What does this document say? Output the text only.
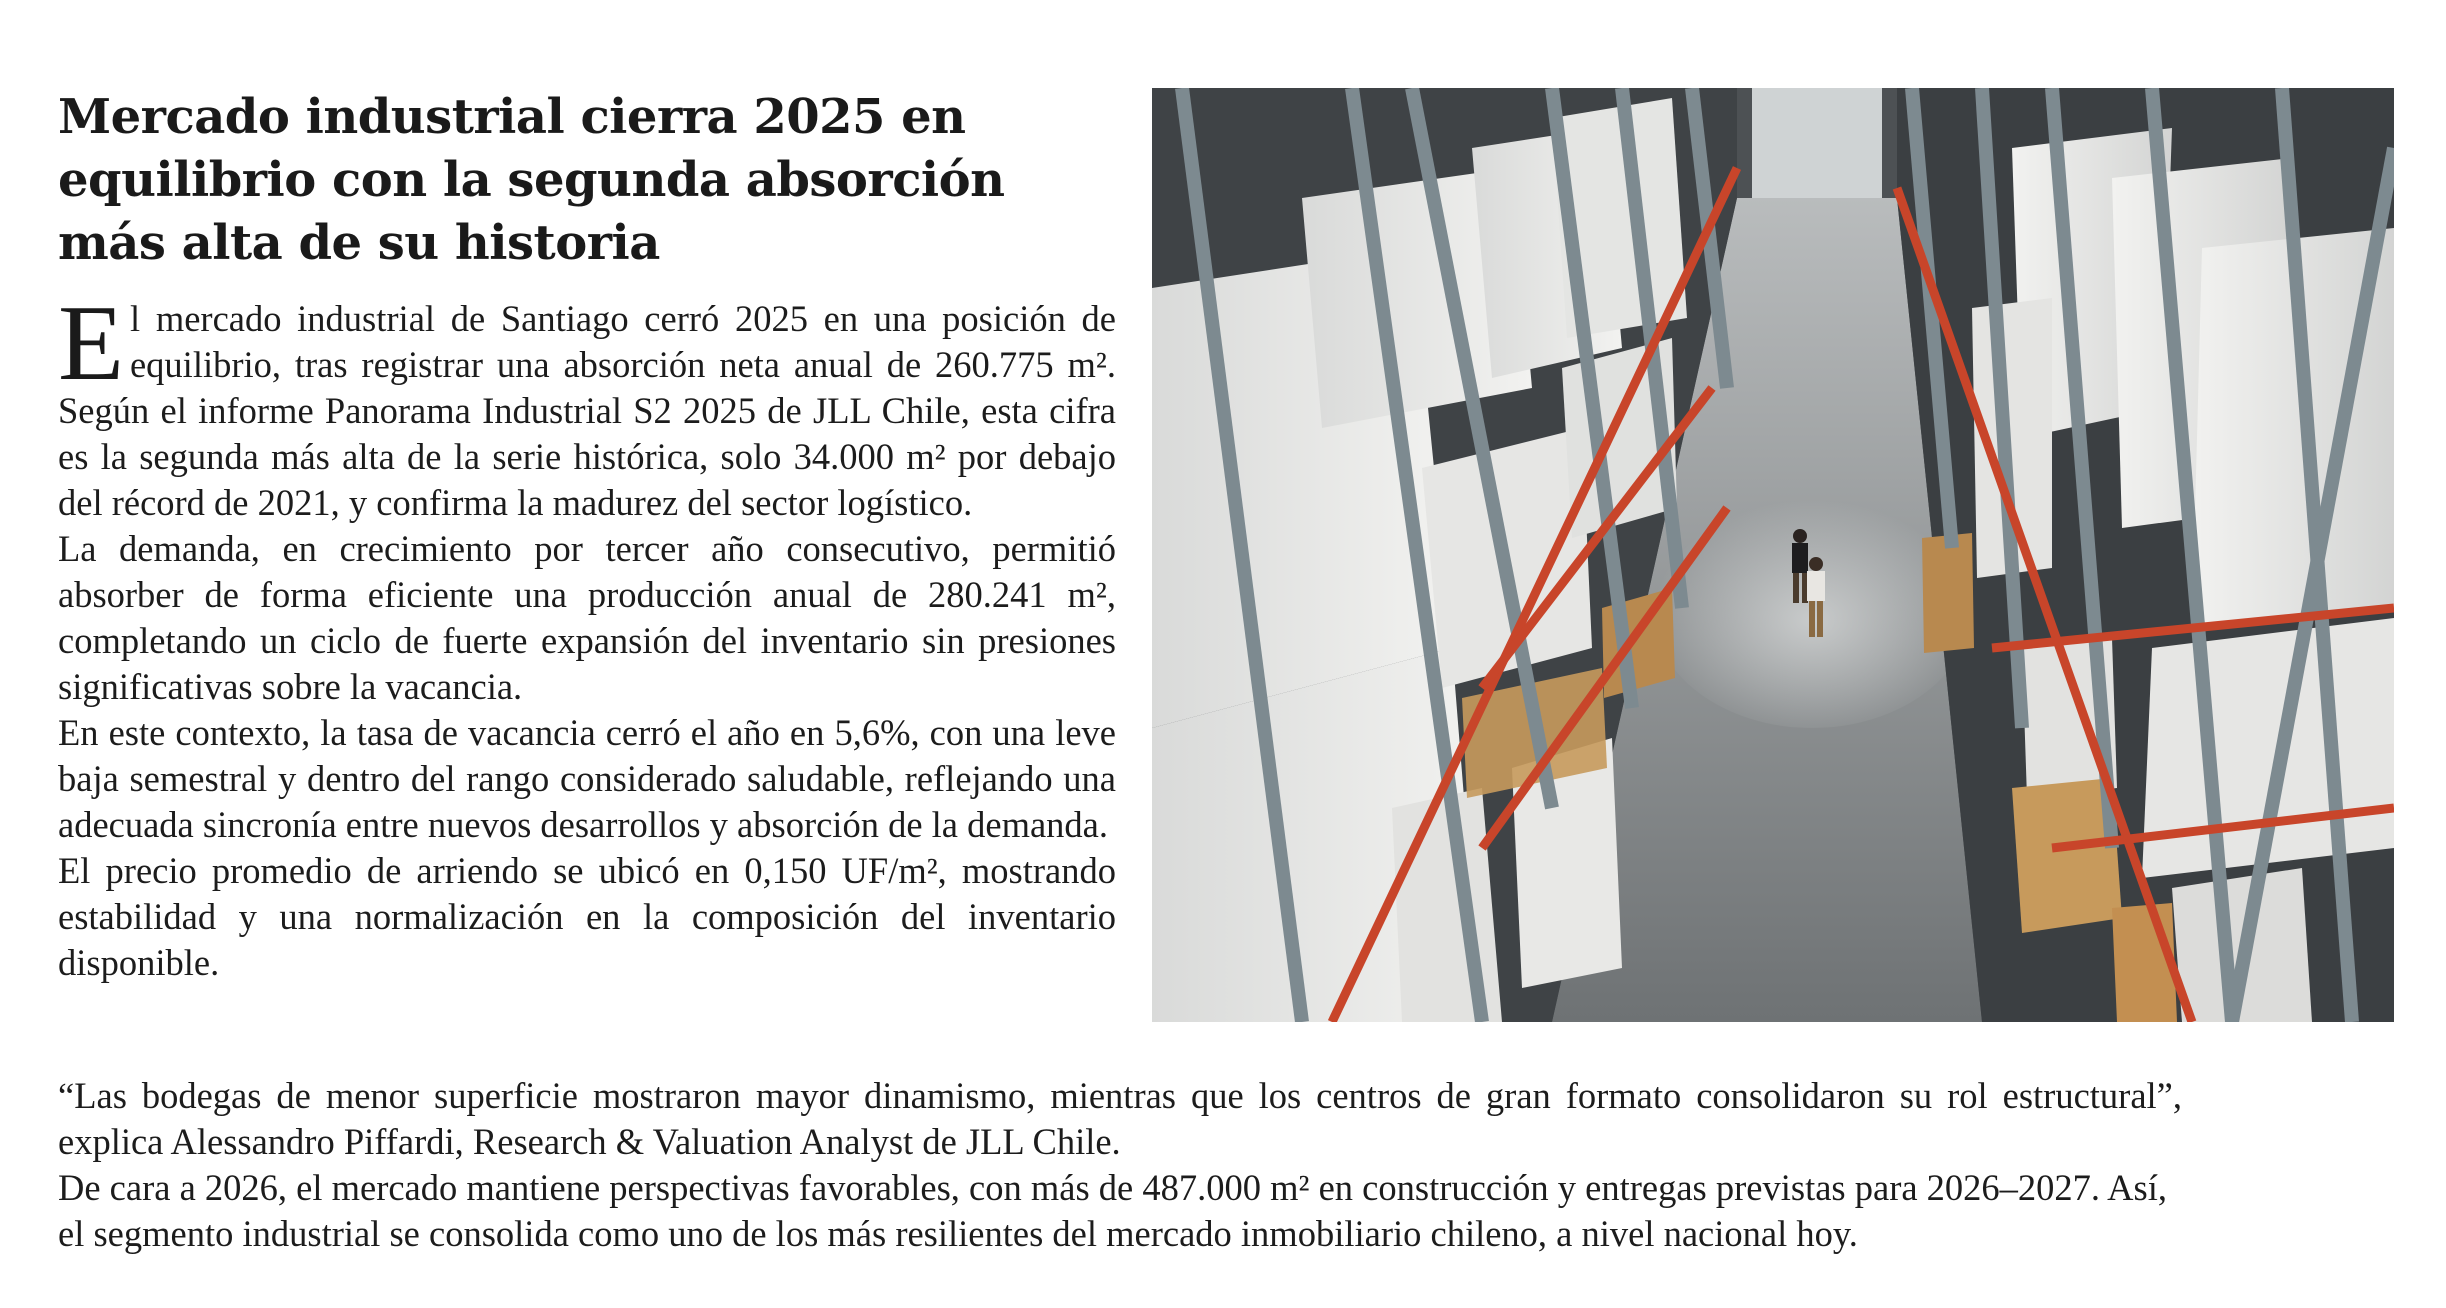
Mercado industrial cierra 2025 en equilibrio con la segunda absorción más alta de su historia

El mercado industrial de Santiago cerró 2025 en una posición de equilibrio, tras registrar una absorción neta anual de 260.775 m². Según el informe Panorama Industrial S2 2025 de JLL Chile, esta cifra es la segunda más alta de la serie histórica, solo 34.000 m² por debajo del récord de 2021, y confirma la madurez del sector logístico.

La demanda, en crecimiento por tercer año consecutivo, permitió absorber de forma eficiente una producción anual de 280.241 m², completando un ciclo de fuerte expansión del inventario sin presiones significativas sobre la vacancia.

En este contexto, la tasa de vacancia cerró el año en 5,6%, con una leve baja semestral y dentro del rango considerado saludable, reflejando una adecuada sincronía entre nuevos desarrollos y absorción de la demanda.

El precio promedio de arriendo se ubicó en 0,150 UF/m², mostrando estabilidad y una normalización en la composición del inventario disponible.

“Las bodegas de menor superficie mostraron mayor dinamismo, mientras que los centros de gran formato consolidaron su rol estructural”, explica Alessandro Piffardi, Research & Valuation Analyst de JLL Chile.

De cara a 2026, el mercado mantiene perspectivas favorables, con más de 487.000 m² en construcción y entregas previstas para 2026–2027. Así, el segmento industrial se consolida como uno de los más resilientes del mercado inmobiliario chileno, a nivel nacional hoy.
